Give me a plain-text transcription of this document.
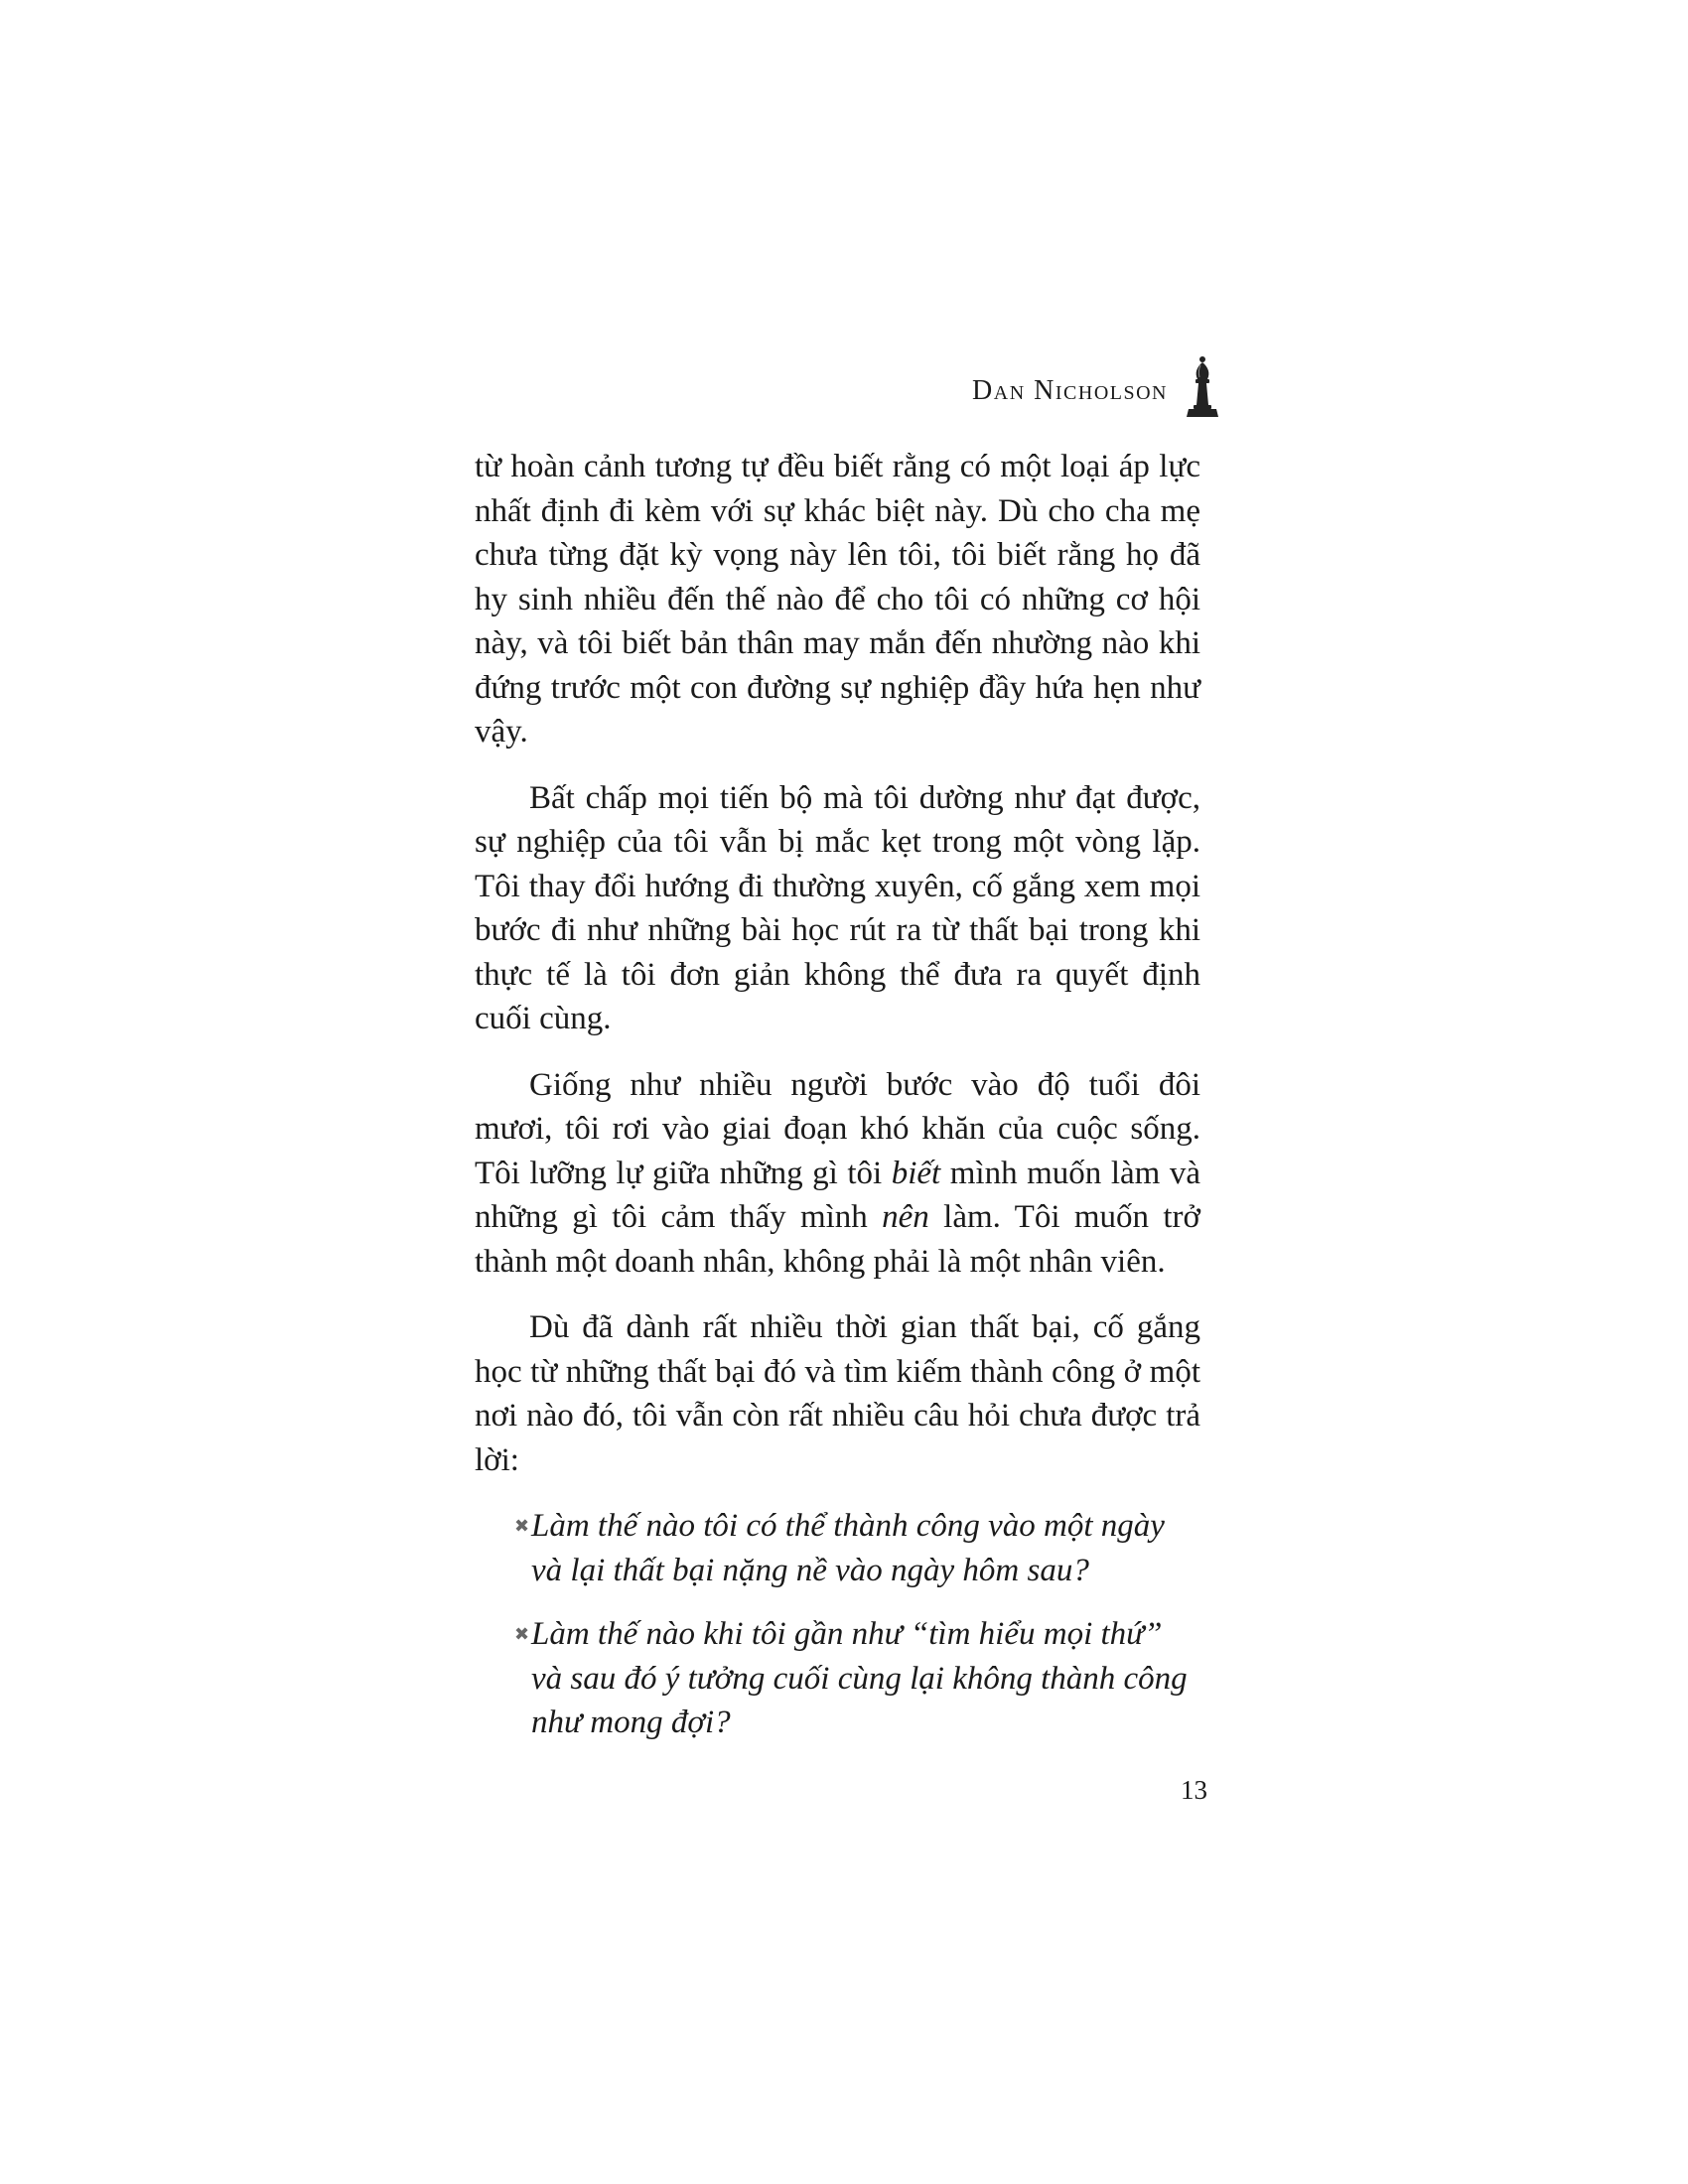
Dan Nicholson

từ hoàn cảnh tương tự đều biết rằng có một loại áp lực nhất định đi kèm với sự khác biệt này. Dù cho cha mẹ chưa từng đặt kỳ vọng này lên tôi, tôi biết rằng họ đã hy sinh nhiều đến thế nào để cho tôi có những cơ hội này, và tôi biết bản thân may mắn đến nhường nào khi đứng trước một con đường sự nghiệp đầy hứa hẹn như vậy.

Bất chấp mọi tiến bộ mà tôi dường như đạt được, sự nghiệp của tôi vẫn bị mắc kẹt trong một vòng lặp. Tôi thay đổi hướng đi thường xuyên, cố gắng xem mọi bước đi như những bài học rút ra từ thất bại trong khi thực tế là tôi đơn giản không thể đưa ra quyết định cuối cùng.

Giống như nhiều người bước vào độ tuổi đôi mươi, tôi rơi vào giai đoạn khó khăn của cuộc sống. Tôi lưỡng lự giữa những gì tôi biết mình muốn làm và những gì tôi cảm thấy mình nên làm. Tôi muốn trở thành một doanh nhân, không phải là một nhân viên.

Dù đã dành rất nhiều thời gian thất bại, cố gắng học từ những thất bại đó và tìm kiếm thành công ở một nơi nào đó, tôi vẫn còn rất nhiều câu hỏi chưa được trả lời:

✖ Làm thế nào tôi có thể thành công vào một ngày và lại thất bại nặng nề vào ngày hôm sau?
✖ Làm thế nào khi tôi gần như “tìm hiểu mọi thứ” và sau đó ý tưởng cuối cùng lại không thành công như mong đợi?
13
